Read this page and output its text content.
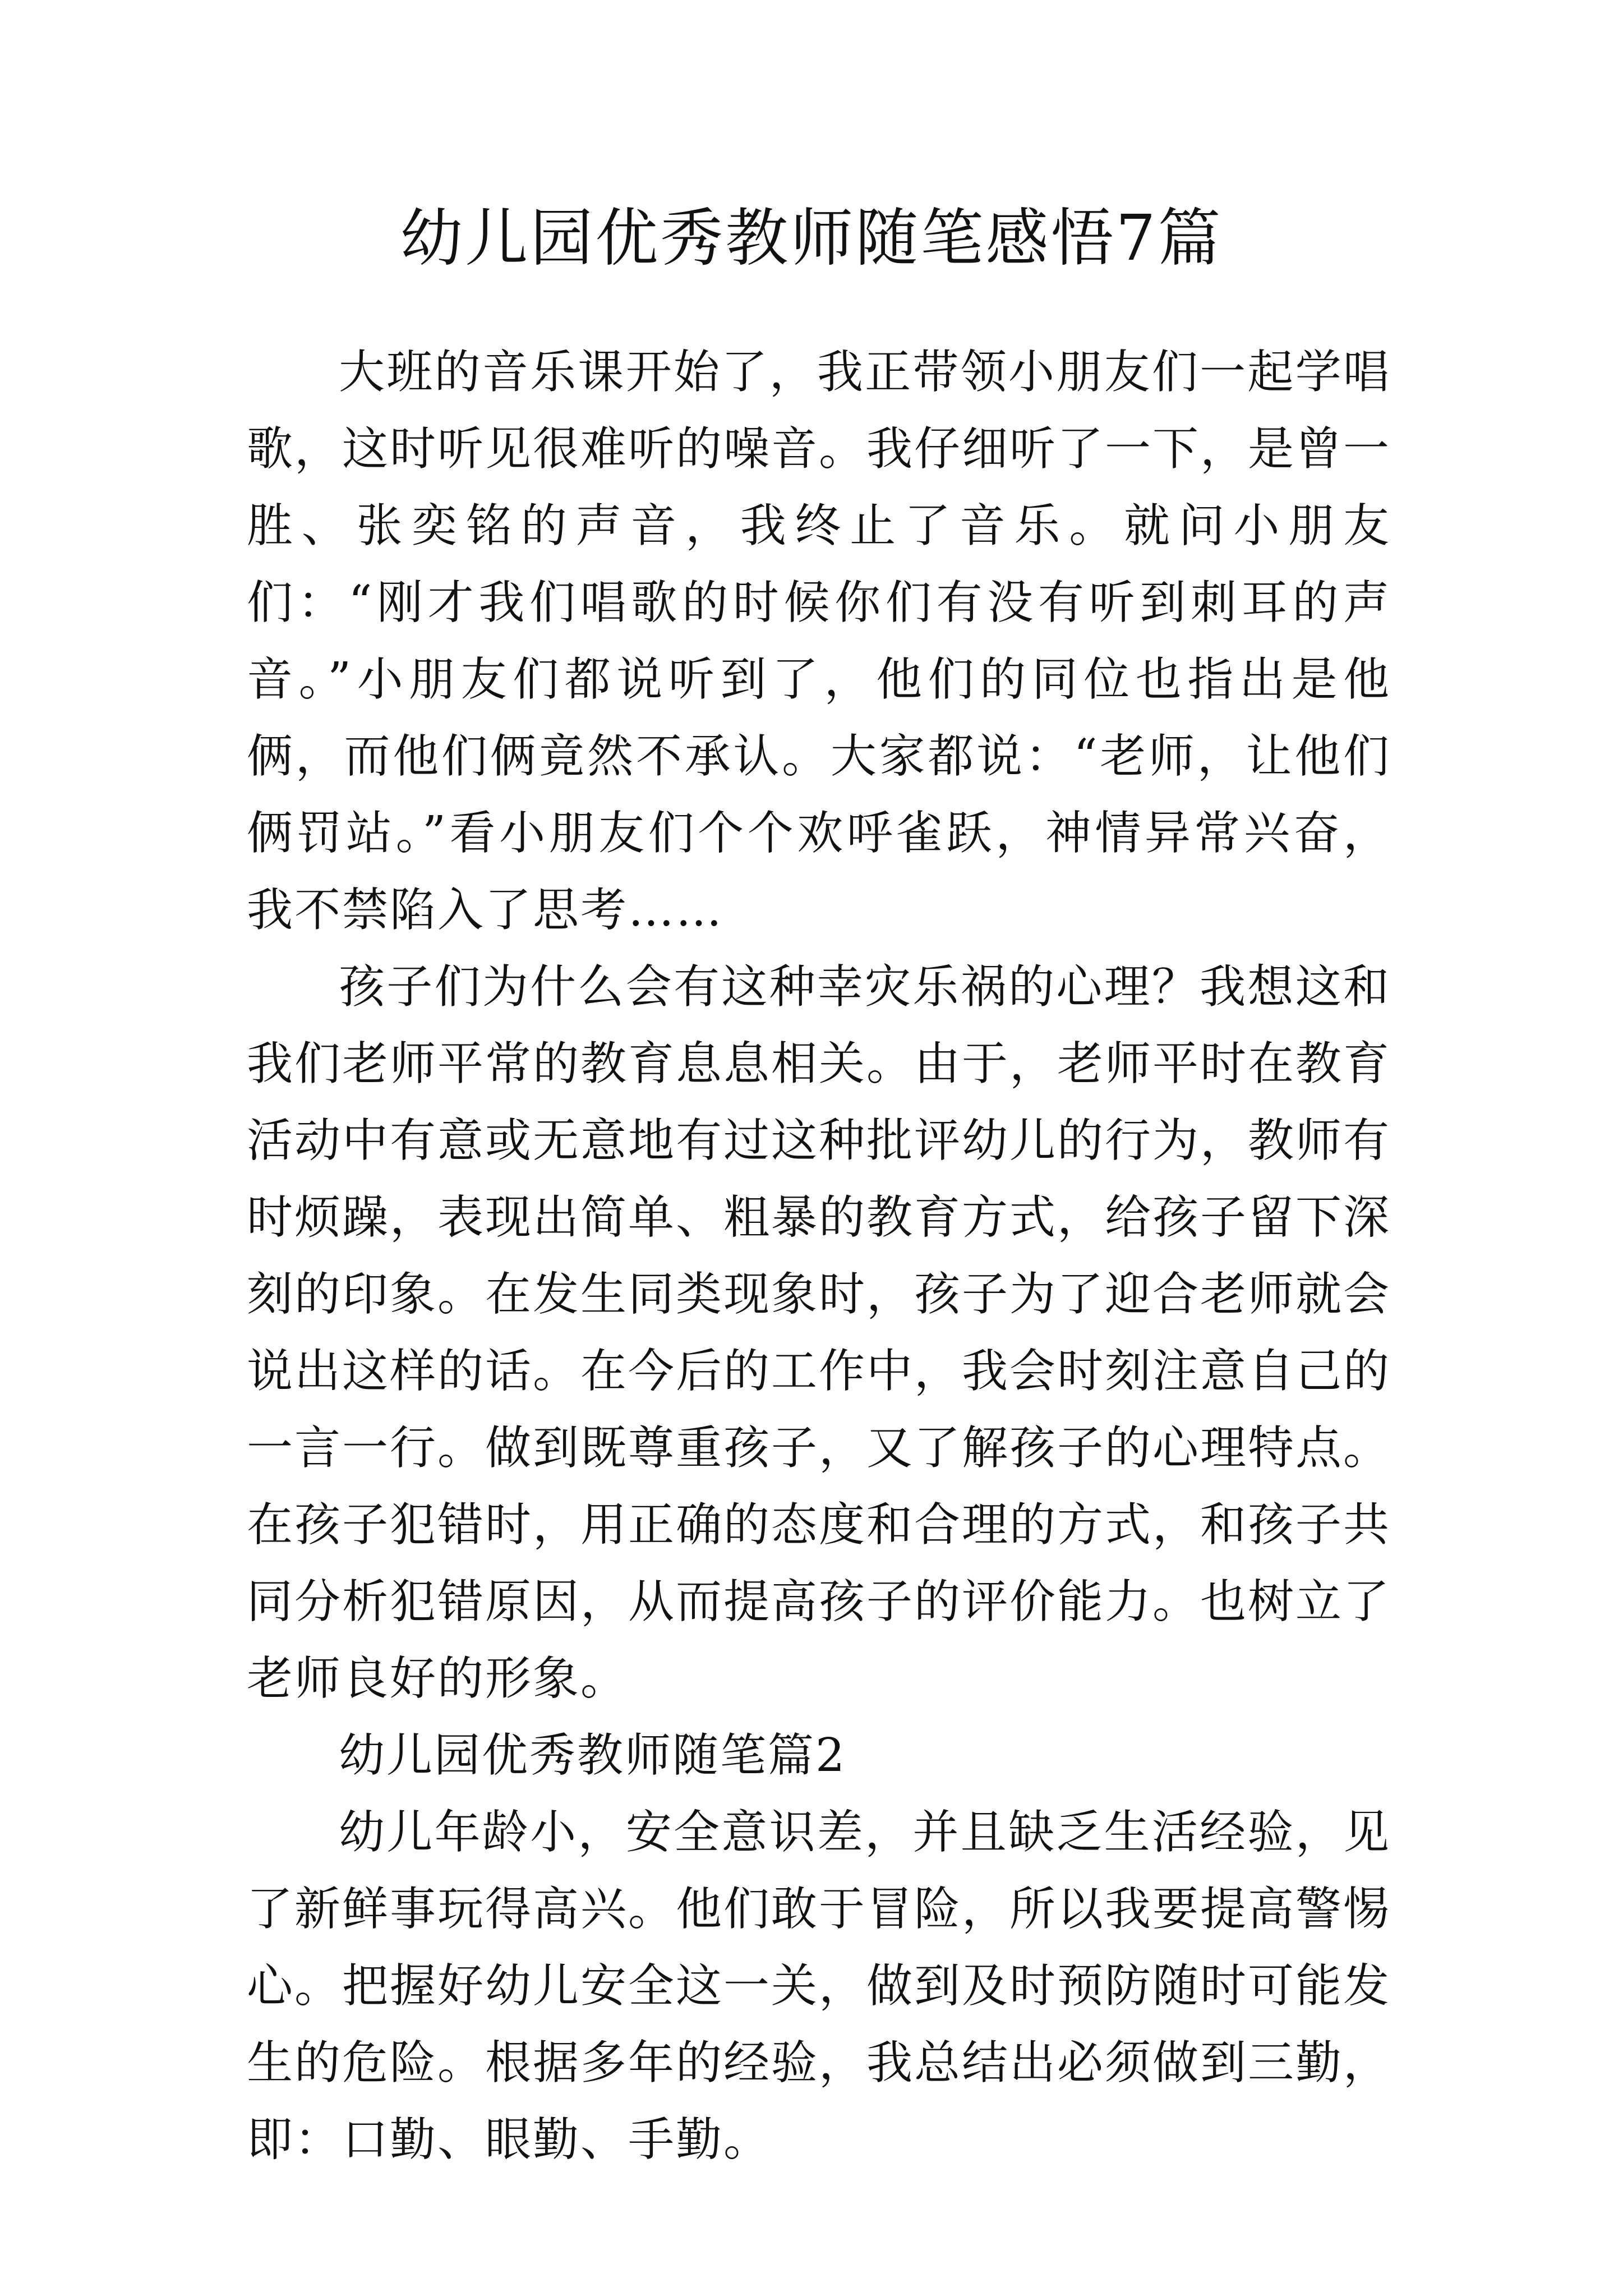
幼儿园优秀教师随笔感悟7篇

大班的音乐课开始了，我正带领小朋友们一起学唱歌，这时听见很难听的噪音。我仔细听了一下，是曾一胜、张奕铭的声音，我终止了音乐。就问小朋友们：“刚才我们唱歌的时候你们有没有听到刺耳的声音。”小朋友们都说听到了，他们的同位也指出是他俩，而他们俩竟然不承认。大家都说：“老师，让他们俩罚站。”看小朋友们个个欢呼雀跃，神情异常兴奋，我不禁陷入了思考……

孩子们为什么会有这种幸灾乐祸的心理？我想这和我们老师平常的教育息息相关。由于，老师平时在教育活动中有意或无意地有过这种批评幼儿的行为，教师有时烦躁，表现出简单、粗暴的教育方式，给孩子留下深刻的印象。在发生同类现象时，孩子为了迎合老师就会说出这样的话。在今后的工作中，我会时刻注意自己的一言一行。做到既尊重孩子，又了解孩子的心理特点。在孩子犯错时，用正确的态度和合理的方式，和孩子共同分析犯错原因，从而提高孩子的评价能力。也树立了老师良好的形象。

幼儿园优秀教师随笔篇2

幼儿年龄小，安全意识差，并且缺乏生活经验，见了新鲜事玩得高兴。他们敢于冒险，所以我要提高警惕心。把握好幼儿安全这一关，做到及时预防随时可能发生的危险。根据多年的经验，我总结出必须做到三勤，即：口勤、眼勤、手勤。
